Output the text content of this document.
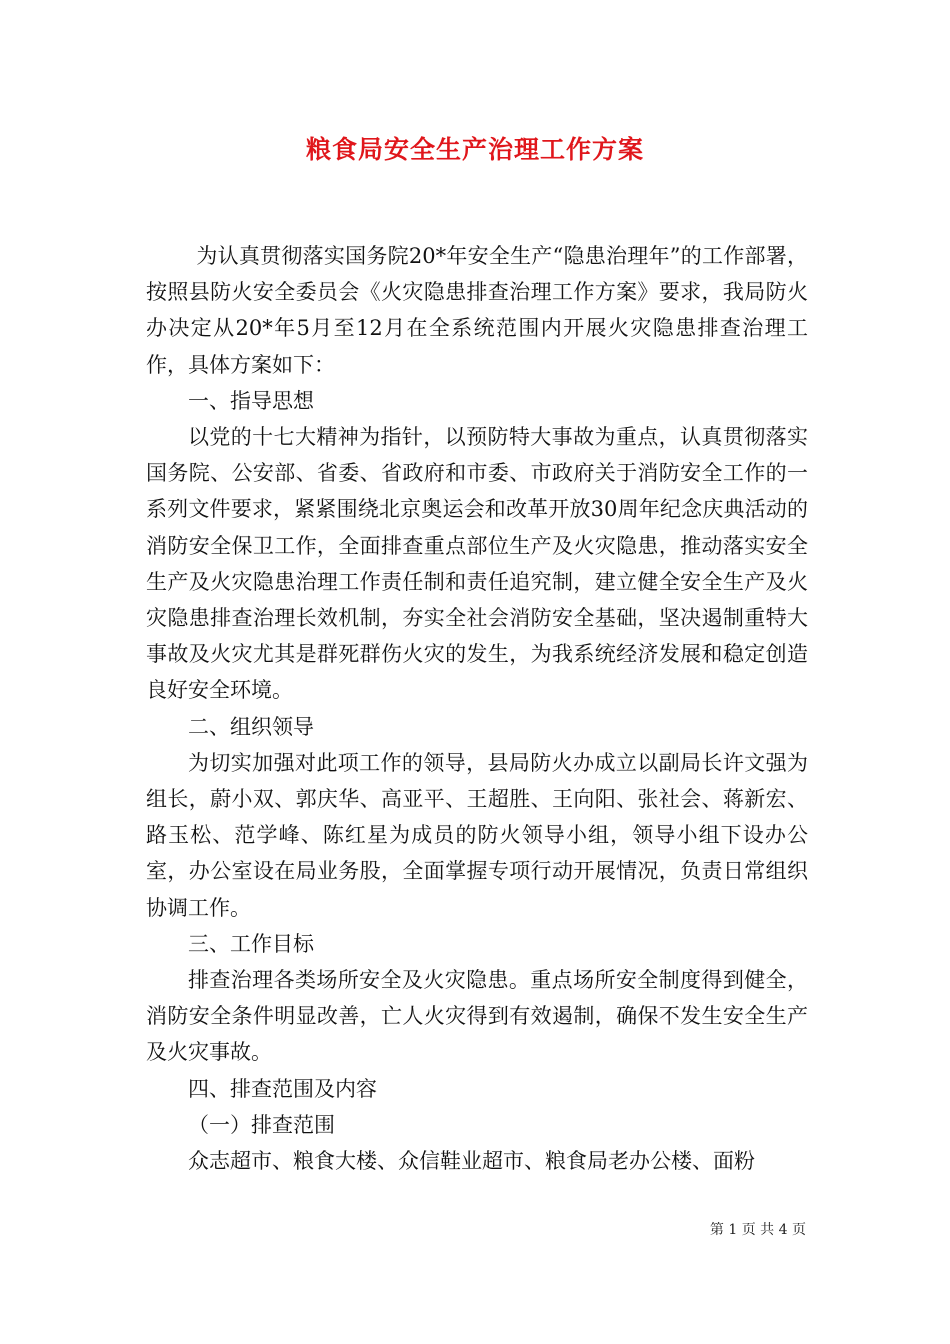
粮食局安全生产治理工作方案

为认真贯彻落实国务院20*年安全生产“隐患治理年”的工作部署，按照县防火安全委员会《火灾隐患排查治理工作方案》要求，我局防火办决定从20*年5月至12月在全系统范围内开展火灾隐患排查治理工作，具体方案如下：

一、指导思想

以党的十七大精神为指针，以预防特大事故为重点，认真贯彻落实国务院、公安部、省委、省政府和市委、市政府关于消防安全工作的一系列文件要求，紧紧围绕北京奥运会和改革开放30周年纪念庆典活动的消防安全保卫工作，全面排查重点部位生产及火灾隐患，推动落实安全生产及火灾隐患治理工作责任制和责任追究制，建立健全安全生产及火灾隐患排查治理长效机制，夯实全社会消防安全基础，坚决遏制重特大事故及火灾尤其是群死群伤火灾的发生，为我系统经济发展和稳定创造良好安全环境。

二、组织领导

为切实加强对此项工作的领导，县局防火办成立以副局长许文强为组长，蔚小双、郭庆华、高亚平、王超胜、王向阳、张社会、蒋新宏、路玉松、范学峰、陈红星为成员的防火领导小组，领导小组下设办公室，办公室设在局业务股，全面掌握专项行动开展情况，负责日常组织协调工作。

三、工作目标

排查治理各类场所安全及火灾隐患。重点场所安全制度得到健全，消防安全条件明显改善，亡人火灾得到有效遏制，确保不发生安全生产及火灾事故。

四、排查范围及内容

（一）排查范围

众志超市、粮食大楼、众信鞋业超市、粮食局老办公楼、面粉

第 1 页 共 4 页
